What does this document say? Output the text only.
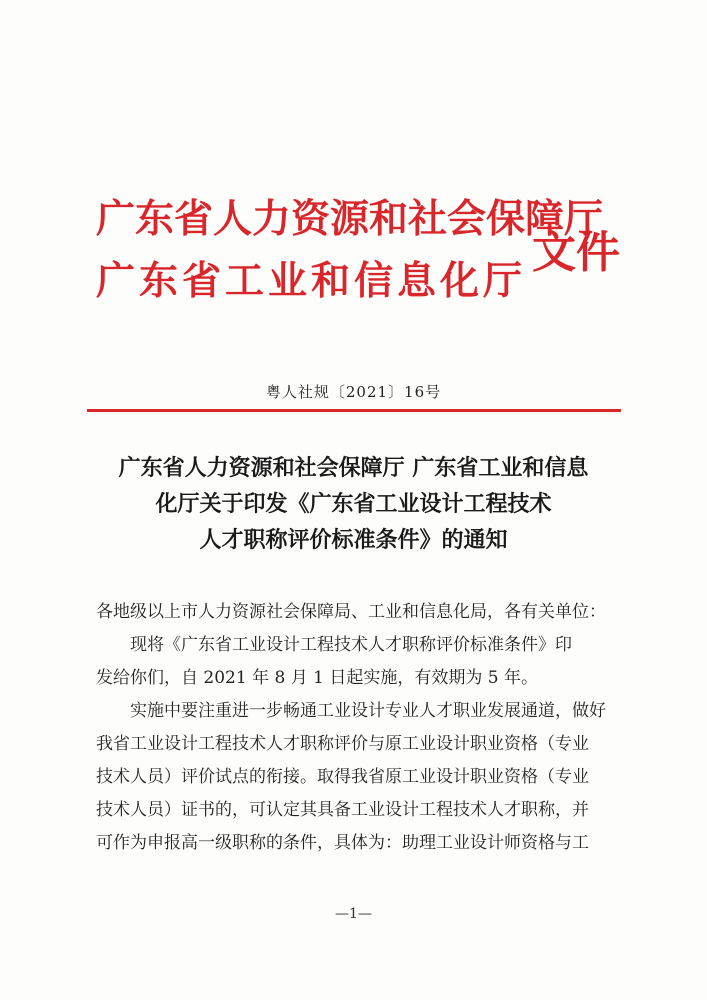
广东省人力资源和社会保障厅
广东省工业和信息化厅
文件
粤人社规〔2021〕16号
广东省人力资源和社会保障厅 广东省工业和信息
化厅关于印发《广东省工业设计工程技术
人才职称评价标准条件》的通知

各地级以上市人力资源社会保障局、工业和信息化局，各有关单位：

现将《广东省工业设计工程技术人才职称评价标准条件》印

发给你们，自 2021 年 8 月 1 日起实施，有效期为 5 年。

实施中要注重进一步畅通工业设计专业人才职业发展通道，做好

我省工业设计工程技术人才职称评价与原工业设计职业资格（专业

技术人员）评价试点的衔接。取得我省原工业设计职业资格（专业

技术人员）证书的，可认定其具备工业设计工程技术人才职称，并

可作为申报高一级职称的条件，具体为：助理工业设计师资格与工

—1—
